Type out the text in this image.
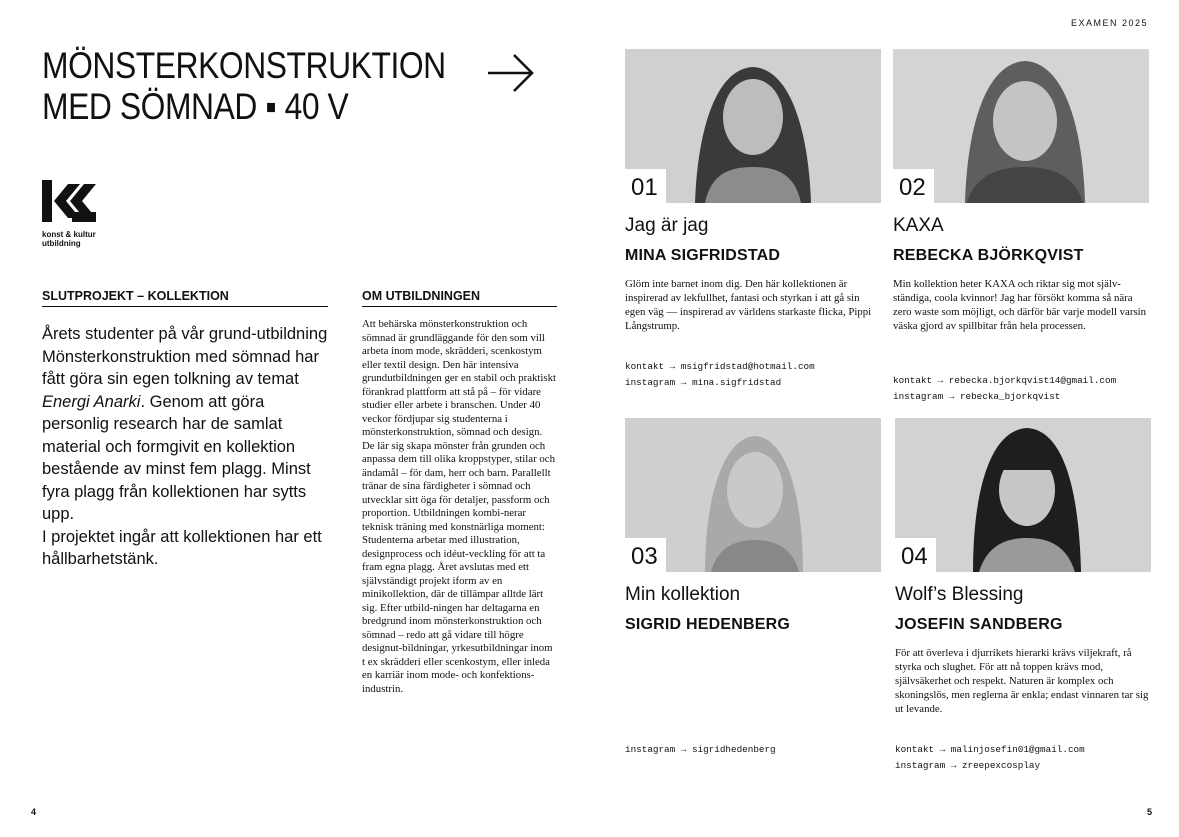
MÖNSTERKONSTRUKTION
MED SÖMNAD ▪ 40 V
EXAMEN 2025
konst & kultur
utbildning
SLUTPROJEKT – KOLLEKTION

Årets studenter på vår grund-utbildning Mönsterkonstruktion med sömnad har fått göra sin egen tolkning av temat Energi Anarki. Genom att göra personlig research har de samlat material och formgivit en kollektion bestående av minst fem plagg. Minst fyra plagg från kollektionen har sytts upp.

I projektet ingår att kollektionen har ett hållbarhetstänk.

OM UTBILDNINGEN

Att behärska mönsterkonstruktion och sömnad är grundläggande för den som vill arbeta inom mode, skrädderi, scenkostym eller textil design. Den här intensiva grundutbildningen ger en stabil och praktiskt förankrad plattform att stå på – för vidare studier eller arbete i branschen. Under 40 veckor fördjupar sig studenterna i mönsterkonstruktion, sömnad och design. De lär sig skapa mönster från grunden och anpassa dem till olika kroppstyper, stilar och ändamål – för dam, herr och barn. Parallellt tränar de sina färdigheter i sömnad och utvecklar sitt öga för detaljer, passform och proportion. Utbildningen kombi-nerar teknisk träning med konstnärliga moment: Studenterna arbetar med illustration, designprocess och idéut-veckling för att ta fram egna plagg. Året avslutas med ett självständigt projekt iform av en minikollektion, där de tillämpar alltde lärt sig. Efter utbild-ningen har deltagarna en bredgrund inom mönsterkonstruktion och sömnad – redo att gå vidare till högre designut-bildningar, yrkesutbildningar inom t ex skrädderi eller scenkostym, eller inleda en karriär inom mode- och konfektions-industrin.

01
Jag är jag
MINA SIGFRIDSTAD
Glöm inte barnet inom dig. Den här kollektionen är inspirerad av lekfullhet, fantasi och styrkan i att gå sin egen väg — inspirerad av världens starkaste flicka, Pippi Långstrump.
kontakt → msigfridstad@hotmail.com
instagram → mina.sigfridstad
02
KAXA
REBECKA BJÖRKQVIST
Min kollektion heter KAXA och riktar sig mot själv-ständiga, coola kvinnor! Jag har försökt komma så nära zero waste som möjligt, och därför bär varje modell varsin väska gjord av spillbitar från hela processen.
kontakt → rebecka.bjorkqvist14@gmail.com
instagram → rebecka_bjorkqvist
03
Min kollektion
SIGRID HEDENBERG
instagram → sigridhedenberg
04
Wolf’s Blessing
JOSEFIN SANDBERG
För att överleva i djurrikets hierarki krävs viljekraft, rå styrka och slughet. För att nå toppen krävs mod, självsäkerhet och respekt. Naturen är komplex och skoningslös, men reglerna är enkla; endast vinnaren tar sig ut levande.
kontakt → malinjosefin01@gmail.com
instagram → zreepexcosplay
4	5
